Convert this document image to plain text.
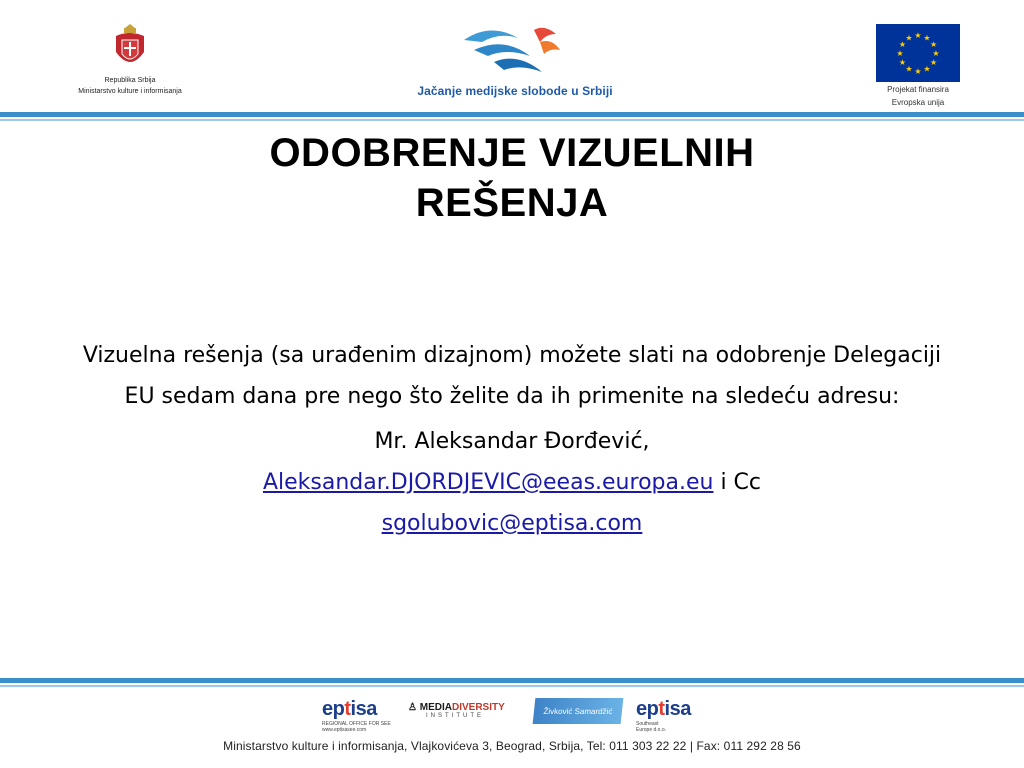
Republika Srbija
Ministarstvo kulture i informisanja	Jačanje medijske slobode u Srbiji
★ ★
★
★
★
★
★
★
★
★
★
★
Projekat finansira
Evropska unija
ODOBRENJE VIZUELNIH
REŠENJA

Vizuelna rešenja (sa urađenim dizajnom) možete slati na odobrenje Delegaciji EU sedam dana pre nego što želite da ih primenite na sledeću adresu:

Mr. Aleksandar Đorđević,
Aleksandar.DJORDJEVIC@eeas.europa.eu i Cc
sgolubovic@eptisa.com

eptisa
REGIONAL OFFICE FOR SEE
www.eptisasee.com
♙ MEDIADIVERSITY
INSTITUTE
Živković Samardžić	eptisa
Southeast
Europe d.o.o.
Ministarstvo kulture i informisanja, Vlajkovićeva 3, Beograd, Srbija, Tel: 011 303 22 22 | Fax: 011 292 28 56
